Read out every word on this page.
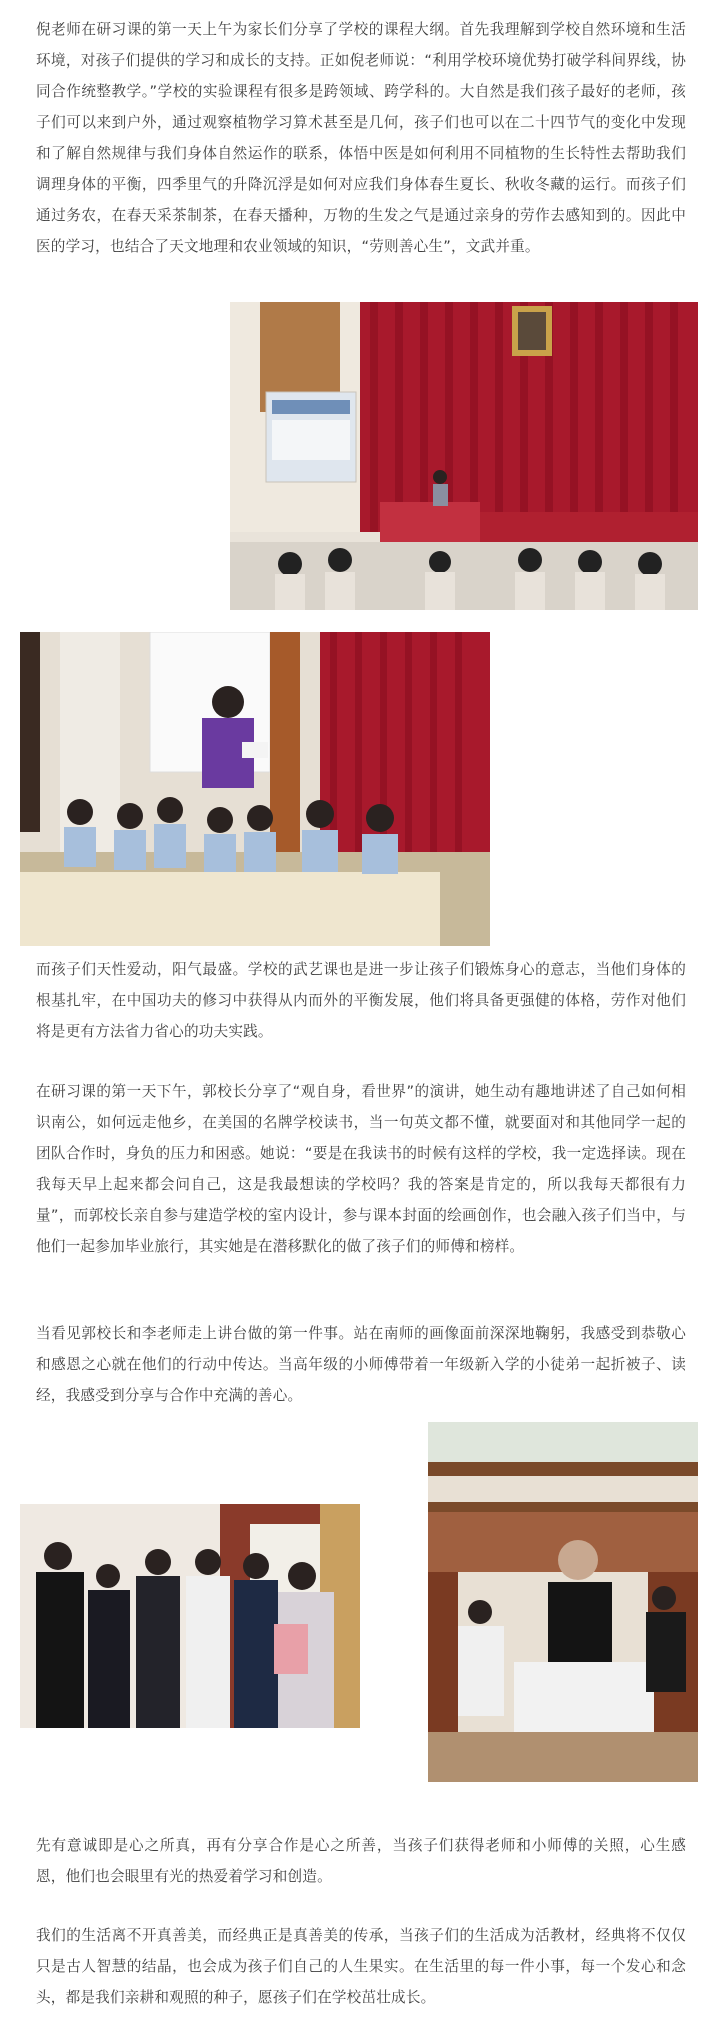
倪老师在研习课的第一天上午为家长们分享了学校的课程大纲。首先我理解到学校自然环境和生活环境，对孩子们提供的学习和成长的支持。正如倪老师说：“利用学校环境优势打破学科间界线，协同合作统整教学。”学校的实验课程有很多是跨领域、跨学科的。大自然是我们孩子最好的老师，孩子们可以来到户外，通过观察植物学习算术甚至是几何，孩子们也可以在二十四节气的变化中发现和了解自然规律与我们身体自然运作的联系，体悟中医是如何利用不同植物的生长特性去帮助我们调理身体的平衡，四季里气的升降沉浮是如何对应我们身体春生夏长、秋收冬藏的运行。而孩子们通过务农，在春天采茶制茶，在春天播种，万物的生发之气是通过亲身的劳作去感知到的。因此中医的学习，也结合了天文地理和农业领域的知识，“劳则善心生”，文武并重。

而孩子们天性爱动，阳气最盛。学校的武艺课也是进一步让孩子们锻炼身心的意志，当他们身体的根基扎牢，在中国功夫的修习中获得从内而外的平衡发展，他们将具备更强健的体格，劳作对他们将是更有方法省力省心的功夫实践。

在研习课的第一天下午，郭校长分享了“观自身，看世界”的演讲，她生动有趣地讲述了自己如何相识南公，如何远走他乡，在美国的名牌学校读书，当一句英文都不懂，就要面对和其他同学一起的团队合作时，身负的压力和困惑。她说：“要是在我读书的时候有这样的学校，我一定选择读。现在我每天早上起来都会问自己，这是我最想读的学校吗？我的答案是肯定的，所以我每天都很有力量”，而郭校长亲自参与建造学校的室内设计，参与课本封面的绘画创作，也会融入孩子们当中，与他们一起参加毕业旅行，其实她是在潜移默化的做了孩子们的师傅和榜样。

当看见郭校长和李老师走上讲台做的第一件事。站在南师的画像面前深深地鞠躬，我感受到恭敬心和感恩之心就在他们的行动中传达。当高年级的小师傅带着一年级新入学的小徒弟一起折被子、读经，我感受到分享与合作中充满的善心。

先有意诚即是心之所真，再有分享合作是心之所善，当孩子们获得老师和小师傅的关照，心生感恩，他们也会眼里有光的热爱着学习和创造。

我们的生活离不开真善美，而经典正是真善美的传承，当孩子们的生活成为活教材，经典将不仅仅只是古人智慧的结晶，也会成为孩子们自己的人生果实。在生活里的每一件小事，每一个发心和念头，都是我们亲耕和观照的种子，愿孩子们在学校茁壮成长。
